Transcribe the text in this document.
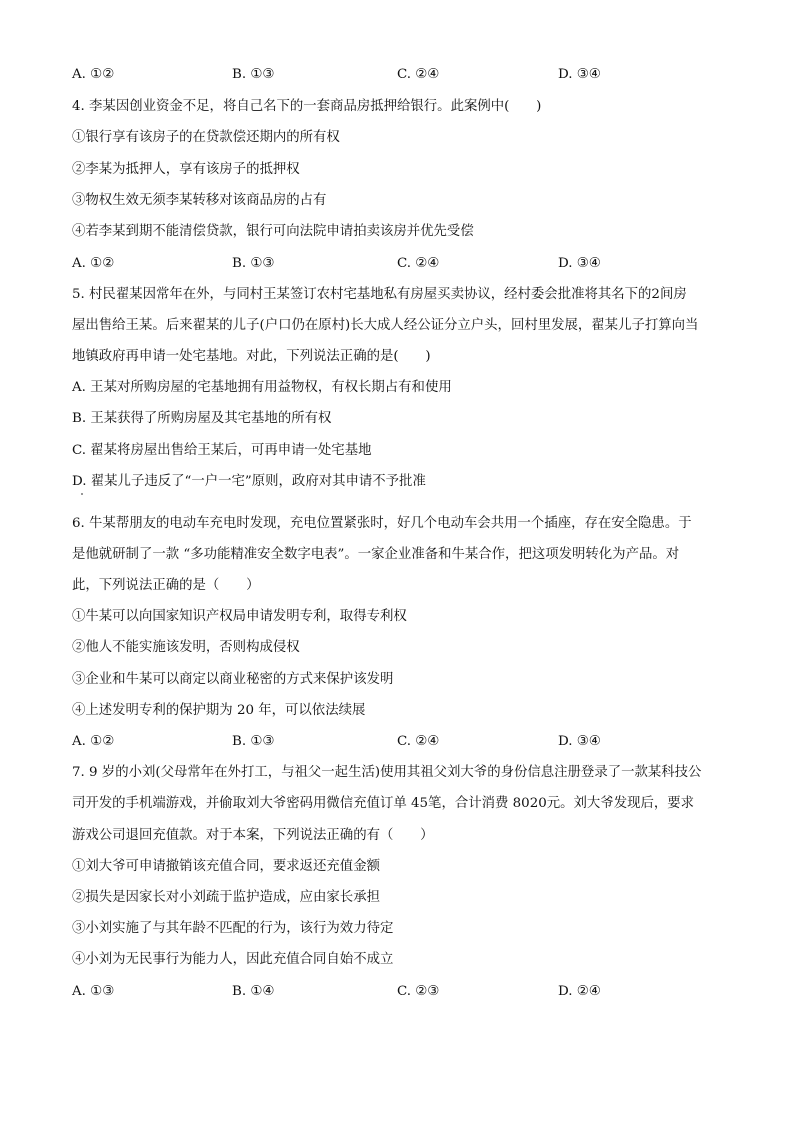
A. ①②	B. ①③	C. ②④	D. ③④
4. 李某因创业资金不足，将自己名下的一套商品房抵押给银行。此案例中(　　)
①银行享有该房子的在贷款偿还期内的所有权
②李某为抵押人，享有该房子的抵押权
③物权生效无须李某转移对该商品房的占有
④若李某到期不能清偿贷款，银行可向法院申请拍卖该房并优先受偿
A. ①②	B. ①③	C. ②④	D. ③④
5. 村民翟某因常年在外，与同村王某签订农村宅基地私有房屋买卖协议，经村委会批准将其名下的2间房
屋出售给王某。后来翟某的儿子(户口仍在原村)长大成人经公证分立户头，回村里发展，翟某儿子打算向当
地镇政府再申请一处宅基地。对此，下列说法正确的是(　　)
A. 王某对所购房屋的宅基地拥有用益物权，有权长期占有和使用
B. 王某获得了所购房屋及其宅基地的所有权
C. 翟某将房屋出售给王某后，可再申请一处宅基地
D. 翟某儿子违反了“一户一宅”原则，政府对其申请不予批准
6. 牛某帮朋友的电动车充电时发现，充电位置紧张时，好几个电动车会共用一个插座，存在安全隐患。于
是他就研制了一款 “多功能精准安全数字电表”。一家企业准备和牛某合作，把这项发明转化为产品。对
此，下列说法正确的是（　　）
①牛某可以向国家知识产权局申请发明专利，取得专利权
②他人不能实施该发明，否则构成侵权
③企业和牛某可以商定以商业秘密的方式来保护该发明
④上述发明专利的保护期为 20 年，可以依法续展
A. ①②	B. ①③	C. ②④	D. ③④
7. 9 岁的小刘(父母常年在外打工，与祖父一起生活)使用其祖父刘大爷的身份信息注册登录了一款某科技公
司开发的手机端游戏，并偷取刘大爷密码用微信充值订单 45笔，合计消费 8020元。刘大爷发现后，要求
游戏公司退回充值款。对于本案，下列说法正确的有（　　）
①刘大爷可申请撤销该充值合同，要求返还充值金额
②损失是因家长对小刘疏于监护造成，应由家长承担
③小刘实施了与其年龄不匹配的行为，该行为效力待定
④小刘为无民事行为能力人，因此充值合同自始不成立
A. ①③	B. ①④	C. ②③	D. ②④
